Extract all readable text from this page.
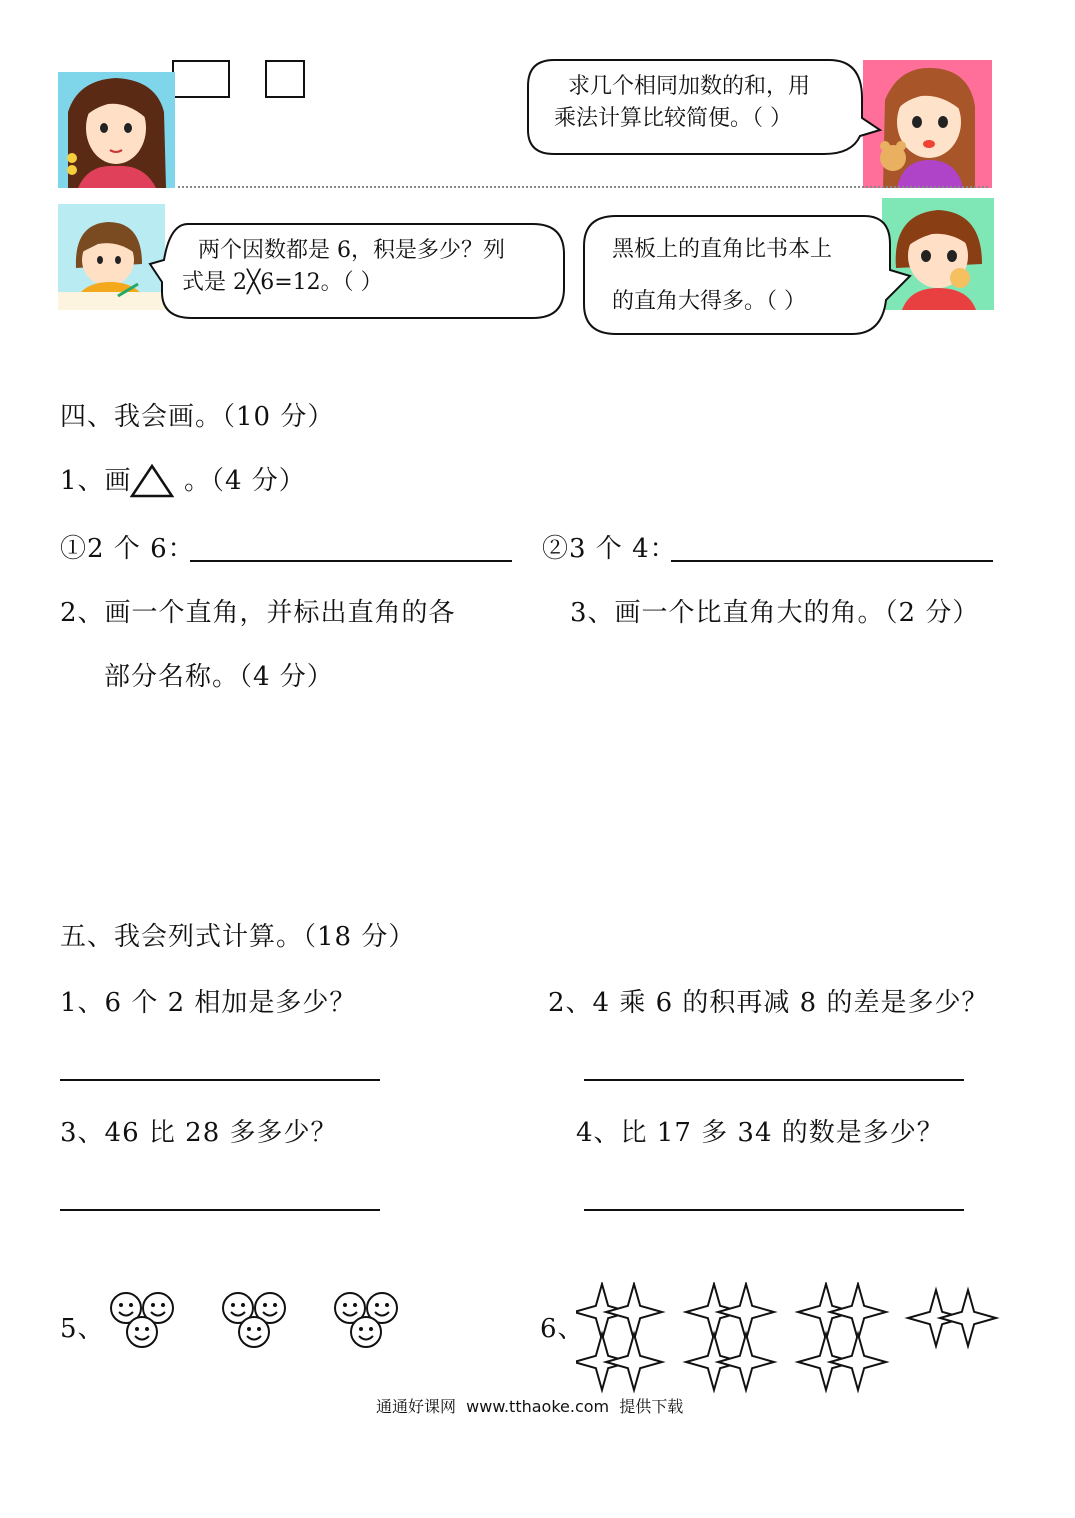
求几个相同加数的和，用
乘法计算比较简便。（ ）
两个因数都是 6，积是多少？列
式是 2╳6=12。（ ）
黑板上的直角比书本上
的直角大得多。（ ）
四、我会画。（10 分）
1、画 。（4 分）
①2 个 6：	②3 个 4：
2、画一个直角，并标出直角的各
部分名称。（4 分）
3、画一个比直角大的角。（2 分）
五、我会列式计算。（18 分）
1、6 个 2 相加是多少？	2、4 乘 6 的积再减 8 的差是多少？
3、46 比 28 多多少？	4、比 17 多 34 的数是多少？
5、	6、
通通好课网  www.tthaoke.com  提供下载
